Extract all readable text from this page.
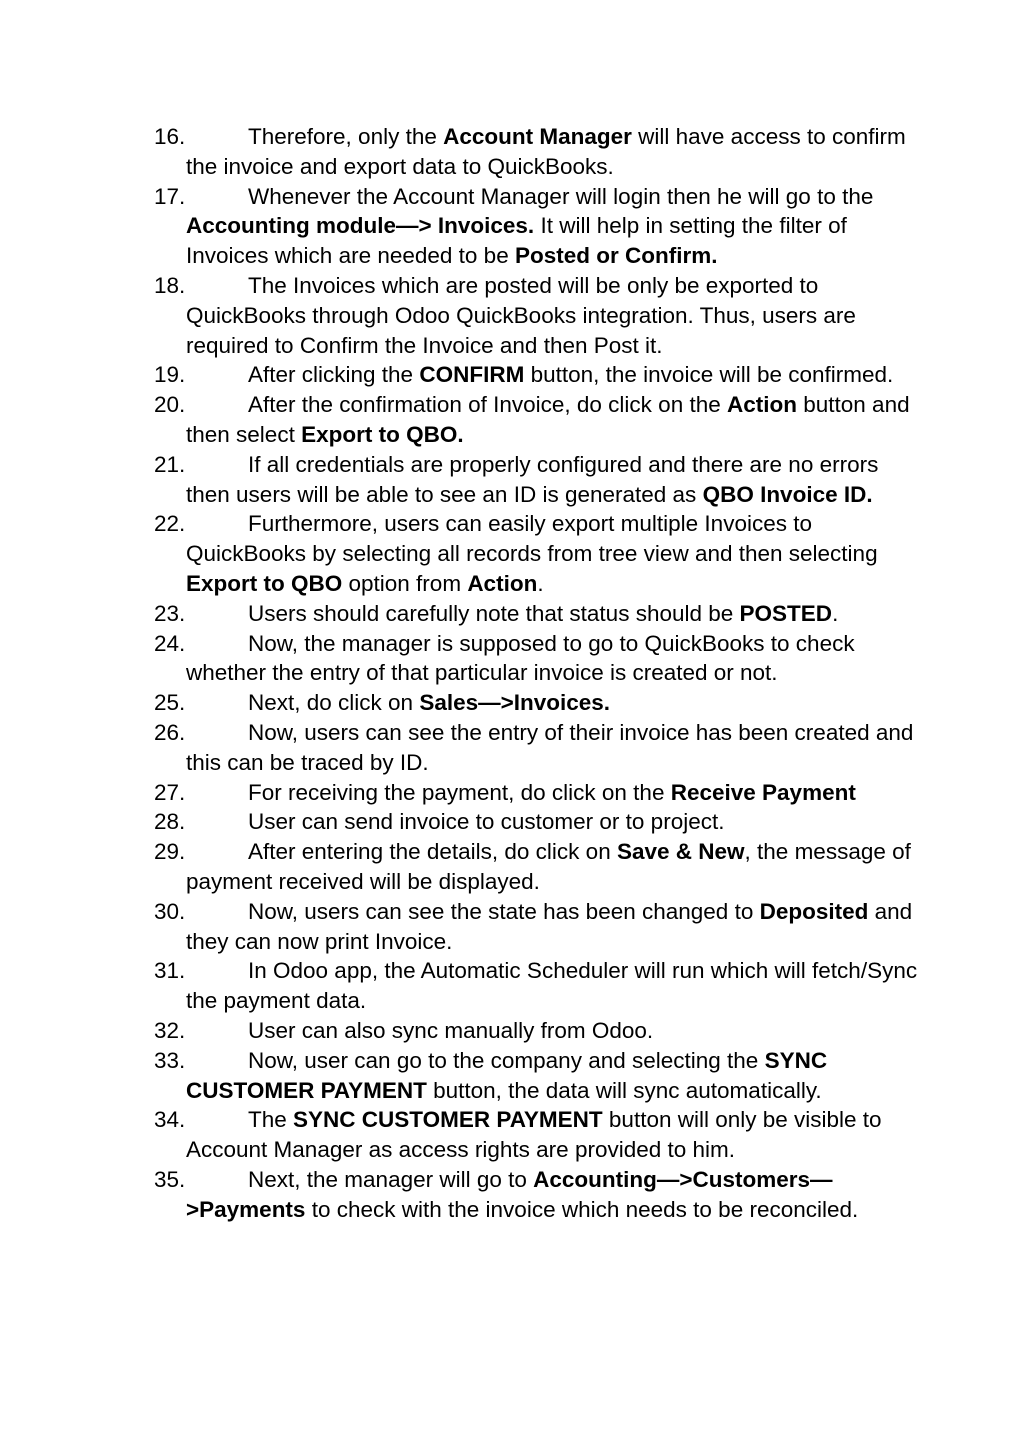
16.	Therefore, only the Account Manager will have access to confirm the invoice and export data to QuickBooks.
17.	Whenever the Account Manager will login then he will go to the Accounting module—> Invoices. It will help in setting the filter of Invoices which are needed to be Posted or Confirm.
18.	The Invoices which are posted will be only be exported to QuickBooks through Odoo QuickBooks integration. Thus, users are required to Confirm the Invoice and then Post it.
19.	After clicking the CONFIRM button, the invoice will be confirmed.
20.	After the confirmation of Invoice, do click on the Action button and then select Export to QBO.
21.	If all credentials are properly configured and there are no errors then users will be able to see an ID is generated as QBO Invoice ID.
22.	Furthermore, users can easily export multiple Invoices to QuickBooks by selecting all records from tree view and then selecting Export to QBO option from Action.
23.	Users should carefully note that status should be POSTED.
24.	Now, the manager is supposed to go to QuickBooks to check whether the entry of that particular invoice is created or not.
25.	Next, do click on Sales—>Invoices.
26.	Now, users can see the entry of their invoice has been created and this can be traced by ID.
27.	For receiving the payment, do click on the Receive Payment
28.	User can send invoice to customer or to project.
29.	After entering the details, do click on Save & New, the message of payment received will be displayed.
30.	Now, users can see the state has been changed to Deposited and they can now print Invoice.
31.	In Odoo app, the Automatic Scheduler will run which will fetch/Sync the payment data.
32.	User can also sync manually from Odoo.
33.	Now, user can go to the company and selecting the SYNC CUSTOMER PAYMENT button, the data will sync automatically.
34.	The SYNC CUSTOMER PAYMENT button will only be visible to Account Manager as access rights are provided to him.
35.	Next, the manager will go to Accounting—>Customers—>Payments to check with the invoice which needs to be reconciled.
